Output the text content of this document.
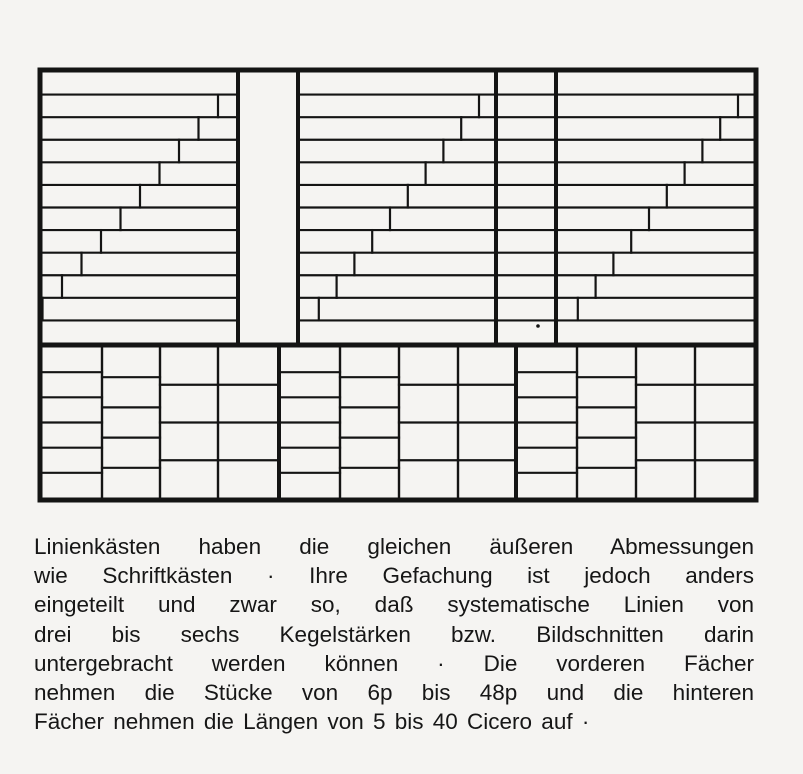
Linienkästen haben die gleichen äußeren Abmessungen
wie Schriftkästen · Ihre Gefachung ist jedoch anders
eingeteilt und zwar so, daß systematische Linien von
drei bis sechs Kegelstärken bzw. Bildschnitten darin
untergebracht werden können · Die vorderen Fächer
nehmen die Stücke von 6p bis 48p und die hinteren
Fächer nehmen die Längen von 5 bis 40 Cicero auf ·
